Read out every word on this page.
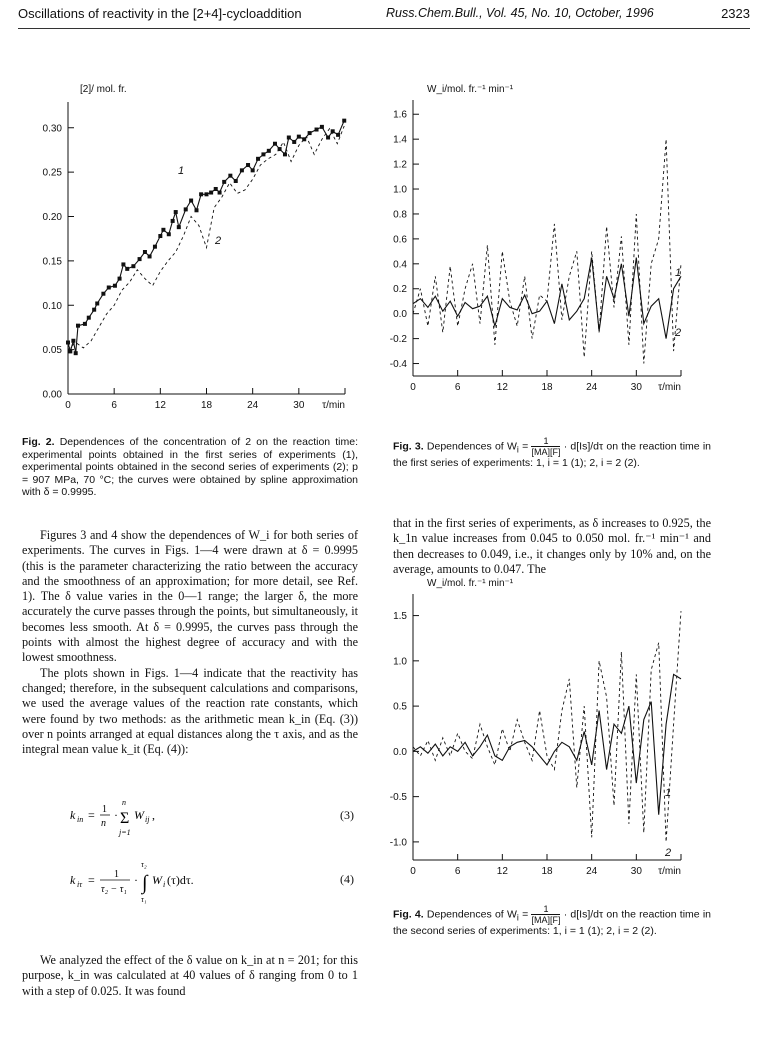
Oscillations of reactivity in the [2+4]-cycloaddition	Russ.Chem.Bull., Vol. 45, No. 10, October, 1996	2323
0.00
0.05
0.10
0.15
0.20
0.25
0.30
0	6	12	18	24	30 τ/min
[2]/ mol. fr.
1
2
Fig. 2. Dependences of the concentration of 2 on the reaction time: experimental points obtained in the first series of experiments (1), experimental points obtained in the second series of experiments (2); p = 907 MPa, 70 °C; the curves were obtained by spline approximation with δ = 0.9995.
-0.4
-0.2
0.0
0.2
0.4
0.6
0.8
1.0
1.2
1.4
1.6
0	6	12	18	24	30 τ/min
W_i/mol. fr.⁻¹ min⁻¹
1
2
Fig. 3. Dependences of $W_i = \frac{1}{[MA][F]} \cdot d[Is]/d\tau$ on the reaction time in the first series of experiments: 1, i = 1 (1); 2, i = 2 (2).

that in the first series of experiments, as δ increases to 0.925, the k_1n value increases from 0.045 to 0.050 mol. fr.⁻¹ min⁻¹ and then decreases to 0.049, i.e., it changes only by 10% and, on the average, amounts to 0.047. The

-1.0
-0.5
0.0
0.5
1.0
1.5
0	6	12	18	24	30 τ/min
W_i/mol. fr.⁻¹ min⁻¹
1
2
Fig. 4. Dependences of $W_i = \frac{1}{[MA][F]} \cdot d[Is]/d\tau$ on the reaction time in the second series of experiments: 1, i = 1 (1); 2, i = 2 (2).

Figures 3 and 4 show the dependences of W_i for both series of experiments. The curves in Figs. 1—4 were drawn at δ = 0.9995 (this is the parameter characterizing the ratio between the accuracy and the smoothness of an approximation; for more detail, see Ref. 1). The δ value varies in the 0—1 range; the larger δ, the more accurately the curve passes through the points, but simultaneously, it becomes less smooth. At δ = 0.9995, the curves pass through the points with almost the highest degree of accuracy and with the lowest smoothness.

The plots shown in Figs. 1—4 indicate that the reactivity has changed; therefore, in the subsequent calculations and comparisons, we used the average values of the reaction rate constants, which were found by two methods: as the arithmetic mean k_in (Eq. (3)) over n points arranged at equal distances along the τ axis, and as the integral mean value k_it (Eq. (4)):

k in = 1
n
·
n
Σ
j=1
W ij ,	(3)
k iτ = 1
τ₂ − τ₁
·
τ₂
∫
τ₁
W i (τ)dτ.	(4)

We analyzed the effect of the δ value on k_in at n = 201; for this purpose, k_in was calculated at 40 values of δ ranging from 0 to 1 with a step of 0.025. It was found
